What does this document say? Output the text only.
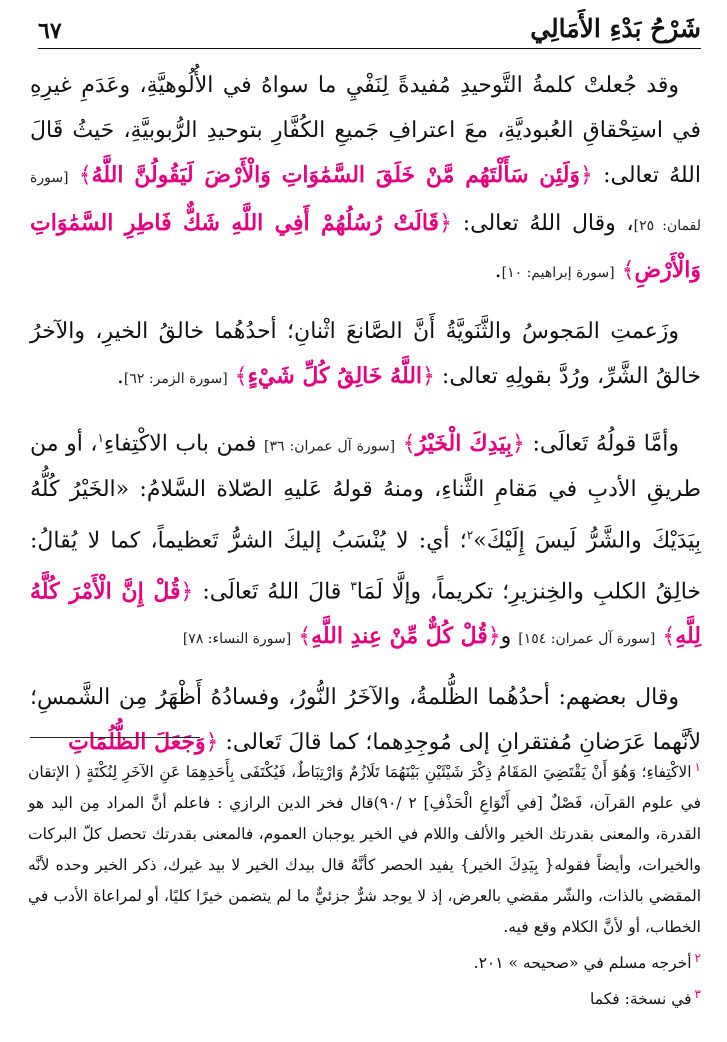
شَرْحُ بَدْءِ الأَمَالِي
٦٧

وقد جُعلتْ كلمةُ التَّوحيدِ مُفيدةً لِنَفْيِ ما سواهُ في الأُلُوهيَّةِ، وعَدَمِ غيرِهِ في استِحْقاقِ العُبوديَّةِ، معَ اعترافِ جَميعِ الكُفَّارِ بتوحيدِ الرُّبوبيَّةِ، حَيثُ قَالَ اللهُ تعالى: ﴿وَلَئِن سَأَلْتَهُم مَّنْ خَلَقَ السَّمَٰوَاتِ وَالْأَرْضَ لَيَقُولُنَّ اللَّهُ﴾ [سورة لقمان: ٢٥]، وقال اللهُ تعالى: ﴿قَالَتْ رُسُلُهُمْ أَفِي اللَّهِ شَكٌّ فَاطِرِ السَّمَٰوَاتِ وَالْأَرْضِ﴾ [سورة إبراهيم: ١٠].

وزَعمتِ المَجوسُ والثَّنَويَّةُ أَنَّ الصَّانعَ اثْنانِ؛ أحدُهُما خالقُ الخيرِ، والآخرُ خالقُ الشَّرِّ، ورُدَّ بقولِهِ تعالى: ﴿اللَّهُ خَالِقُ كُلِّ شَيْءٍ﴾ [سورة الزمر: ٦٢].

وأمَّا قولُهُ تَعالَى: ﴿بِيَدِكَ الْخَيْرُ﴾ [سورة آل عمران: ٣٦] فمن باب الاكْتِفاءِ$^١$، أو من طريقِ الأدبِ في مَقامِ الثَّناءِ، ومنهُ قولهُ عَليهِ الصّلاة السَّلامُ: «الخَيْرُ كُلُّهُ بِيَدَيْكَ والشَّرُّ لَيسَ إِلَيْكَ»$^٢$؛ أي: لا يُنْسَبُ إليكَ الشرُّ تَعظيماً، كما لا يُقالُ: خالِقُ الكلبِ والخِنزيرِ؛ تكريماً، وإلَّا لَمَا$^٣$ قالَ اللهُ تَعالَى: ﴿قُلْ إِنَّ الْأَمْرَ كُلَّهُ لِلَّهِ﴾ [سورة آل عمران: ١٥٤] و﴿قُلْ كُلٌّ مِّنْ عِندِ اللَّهِ﴾ [سورة النساء: ٧٨]

وقال بعضهم: أحدُهُما الظُّلمةُ، والآخَرُ النُّورُ، وفسادُهُ أَظْهَرُ مِن الشَّمسِ؛ لأنَّهما عَرَضانِ مُفتقرانِ إلى مُوجِدِهما؛ كما قالَ تَعالى: ﴿وَجَعَلَ الظُّلُمَاتِ

$^١$الاكْتِفاءِ؛ وَهُوَ أَنْ يَقْتَضِيَ المَقَامُ ذِكْرَ شَيْئَيْنِ بَيْنَهُمَا تَلَازُمٌ وَارْتِبَاطٌ، فَيُكْتَفَى بِأَحَدِهِمَا عَنِ الآخَرِ لِنُكْتَةٍ ( الإتقان في علوم القرآن، فَصْلٌ [في أَنْوَاعِ الْحَذْفِ] ٢ /٩٠)قال فخر الدين الرازي : فاعلم أنَّ المراد مِن اليد هو القدرة، والمعنى بقدرتك الخير والألف واللام في الخير يوجبان العموم، فالمعنى بقدرتك تحصل كلّ البركات والخيرات، وأيضاً فقوله{ بِيَدِكَ الخير} يفيد الحصر كأنَّهُ قال بيدك الخير لا بيد غيرك، ذكر الخير وحده لأنَّه المقضي بالذات، والشّر مقضي بالعرض، إذ لا يوجد شرٌّ جزئيٌّ ما لم يتضمن خيرًا كليًا، أو لمراعاة الأدب في الخطاب، أو لأنَّ الكلام وقع فيه.

$^٢$أخرجه مسلم في «صحيحه » ٢٠١.

$^٣$في نسخة: فكما
